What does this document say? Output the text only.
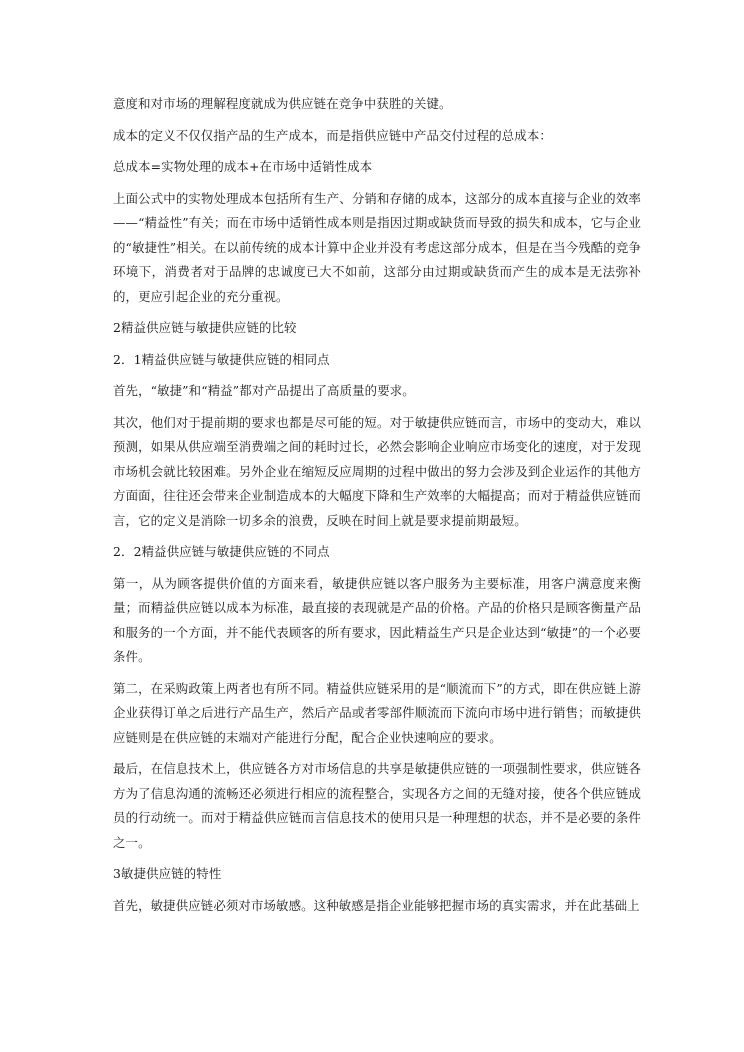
意度和对市场的理解程度就成为供应链在竞争中获胜的关键。

成本的定义不仅仅指产品的生产成本，而是指供应链中产品交付过程的总成本：

总成本=实物处理的成本+在市场中适销性成本

上面公式中的实物处理成本包括所有生产、分销和存储的成本，这部分的成本直接与企业的效率——“精益性”有关；而在市场中适销性成本则是指因过期或缺货而导致的损失和成本，它与企业的“敏捷性”相关。在以前传统的成本计算中企业并没有考虑这部分成本，但是在当今残酷的竞争环境下，消费者对于品牌的忠诚度已大不如前，这部分由过期或缺货而产生的成本是无法弥补的，更应引起企业的充分重视。

2精益供应链与敏捷供应链的比较

2．1精益供应链与敏捷供应链的相同点

首先，“敏捷”和“精益”都对产品提出了高质量的要求。

其次，他们对于提前期的要求也都是尽可能的短。对于敏捷供应链而言，市场中的变动大，难以预测，如果从供应端至消费端之间的耗时过长，必然会影响企业响应市场变化的速度，对于发现市场机会就比较困难。另外企业在缩短反应周期的过程中做出的努力会涉及到企业运作的其他方方面面，往往还会带来企业制造成本的大幅度下降和生产效率的大幅提高；而对于精益供应链而言，它的定义是消除一切多余的浪费，反映在时间上就是要求提前期最短。

2．2精益供应链与敏捷供应链的不同点

第一，从为顾客提供价值的方面来看，敏捷供应链以客户服务为主要标准，用客户满意度来衡量；而精益供应链以成本为标准，最直接的表现就是产品的价格。产品的价格只是顾客衡量产品和服务的一个方面，并不能代表顾客的所有要求，因此精益生产只是企业达到“敏捷”的一个必要条件。

第二，在采购政策上两者也有所不同。精益供应链采用的是“顺流而下”的方式，即在供应链上游企业获得订单之后进行产品生产，然后产品或者零部件顺流而下流向市场中进行销售；而敏捷供应链则是在供应链的末端对产能进行分配，配合企业快速响应的要求。

最后，在信息技术上，供应链各方对市场信息的共享是敏捷供应链的一项强制性要求，供应链各方为了信息沟通的流畅还必须进行相应的流程整合，实现各方之间的无缝对接，使各个供应链成员的行动统一。而对于精益供应链而言信息技术的使用只是一种理想的状态，并不是必要的条件之一。

3敏捷供应链的特性

首先，敏捷供应链必须对市场敏感。这种敏感是指企业能够把握市场的真实需求，并在此基础上
